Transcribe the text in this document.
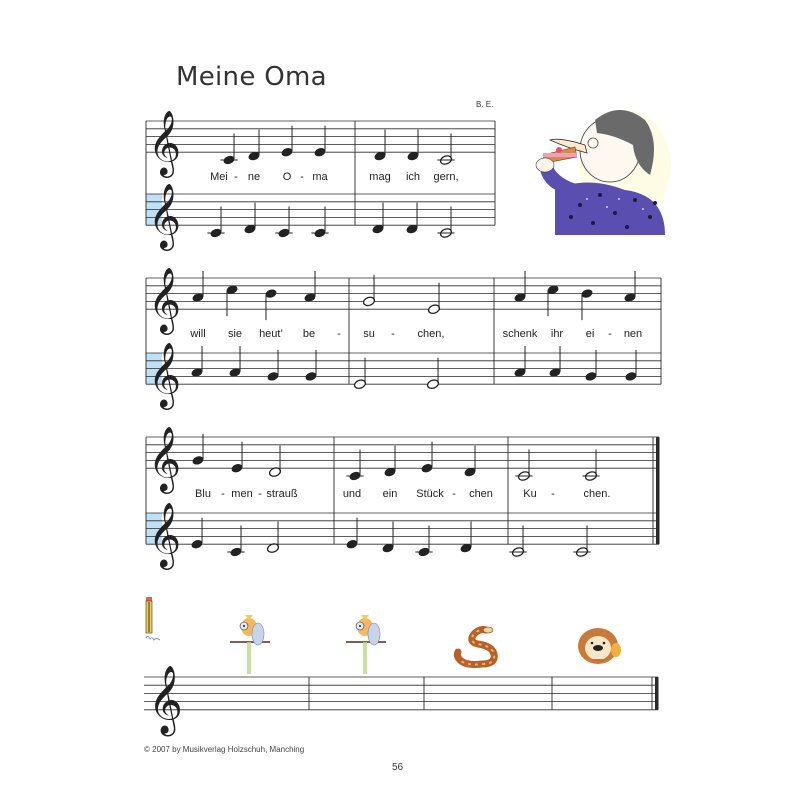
Meine Oma
B. E.
𝄞
𝄞
Mei - ne O - ma	mag ich gern,
𝄞
𝄞
will sie heut’ be - su - chen,	schenk ihr ei - nen
𝄞
𝄞
Blu - men - strauß	und ein Stück - chen	Ku -	chen.
𝄞
© 2007 by Musikverlag Holzschuh, Manching
56
